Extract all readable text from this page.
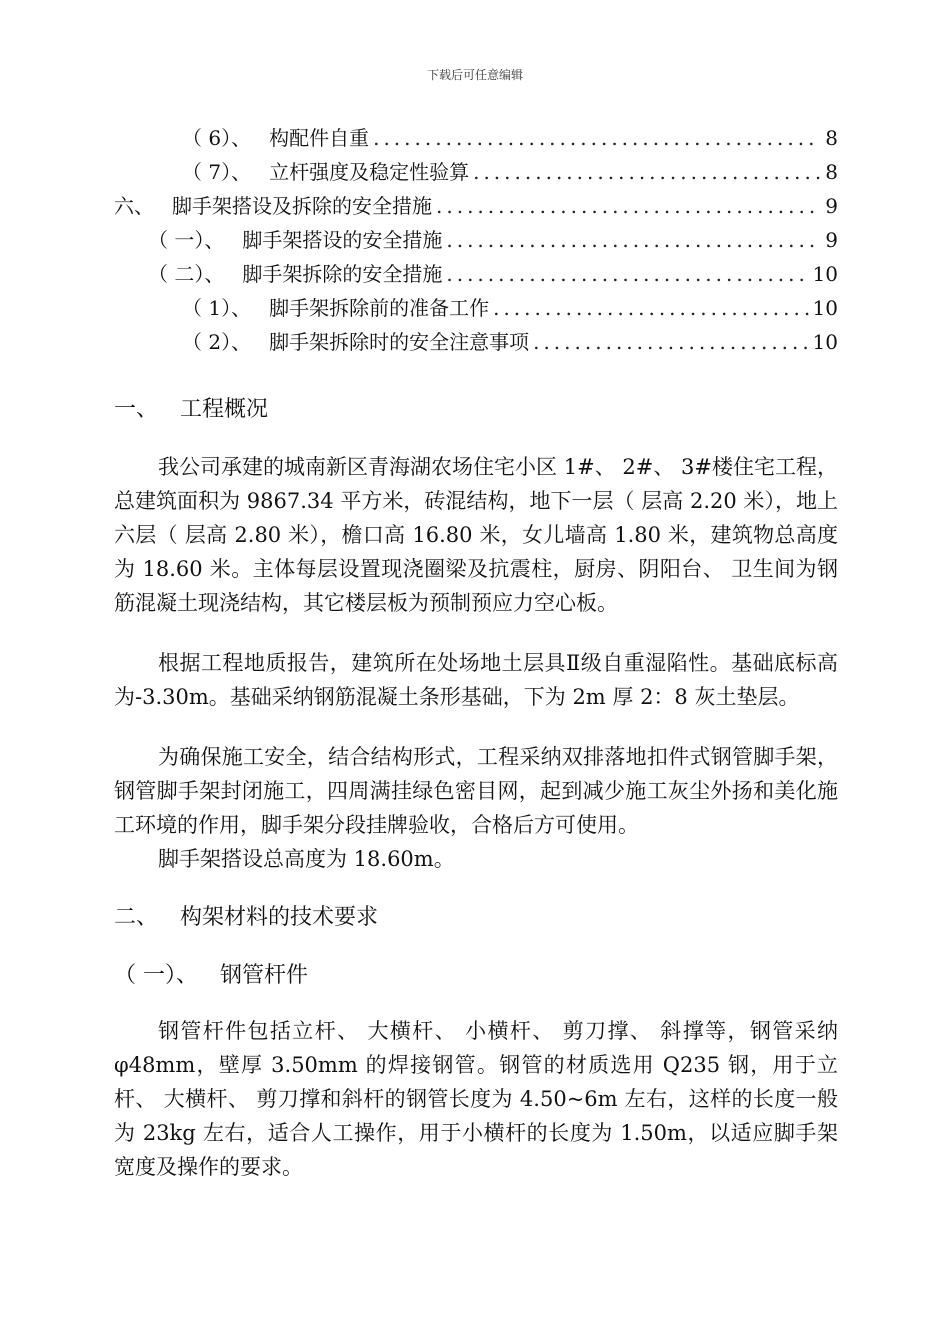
下载后可任意编辑
（ 6）、 构配件自重 .....	8
（ 7）、 立杆强度及稳定性验算 .....	8
六、 脚手架搭设及拆除的安全措施 .....	9
（ 一）、 脚手架搭设的安全措施 .....	9
（ 二）、 脚手架拆除的安全措施 .....	10
（ 1）、 脚手架拆除前的准备工作 .....	10
（ 2）、 脚手架拆除时的安全注意事项 .....	10
一、 工程概况

我公司承建的城南新区青海湖农场住宅小区 1#、 2#、 3#楼住宅工程，总建筑面积为 9867.34 平方米，砖混结构，地下一层（ 层高 2.20 米），地上六层（ 层高 2.80 米），檐口高 16.80 米，女儿墙高 1.80 米，建筑物总高度为 18.60 米。主体每层设置现浇圈梁及抗震柱，厨房、阴阳台、 卫生间为钢筋混凝土现浇结构，其它楼层板为预制预应力空心板。

根据工程地质报告，建筑所在处场地土层具Ⅱ级自重湿陷性。基础底标高为-3.30m。基础采纳钢筋混凝土条形基础，下为 2m 厚 2：8 灰土垫层。

为确保施工安全，结合结构形式，工程采纳双排落地扣件式钢管脚手架，钢管脚手架封闭施工，四周满挂绿色密目网，起到减少施工灰尘外扬和美化施工环境的作用，脚手架分段挂牌验收，合格后方可使用。

脚手架搭设总高度为 18.60m。

二、 构架材料的技术要求
（ 一）、 钢管杆件

钢管杆件包括立杆、 大横杆、 小横杆、 剪刀撑、 斜撑等，钢管采纳 φ48mm，壁厚 3.50mm 的焊接钢管。钢管的材质选用 Q235 钢，用于立杆、 大横杆、 剪刀撑和斜杆的钢管长度为 4.50~6m 左右，这样的长度一般为 23kg 左右，适合人工操作，用于小横杆的长度为 1.50m，以适应脚手架宽度及操作的要求。
